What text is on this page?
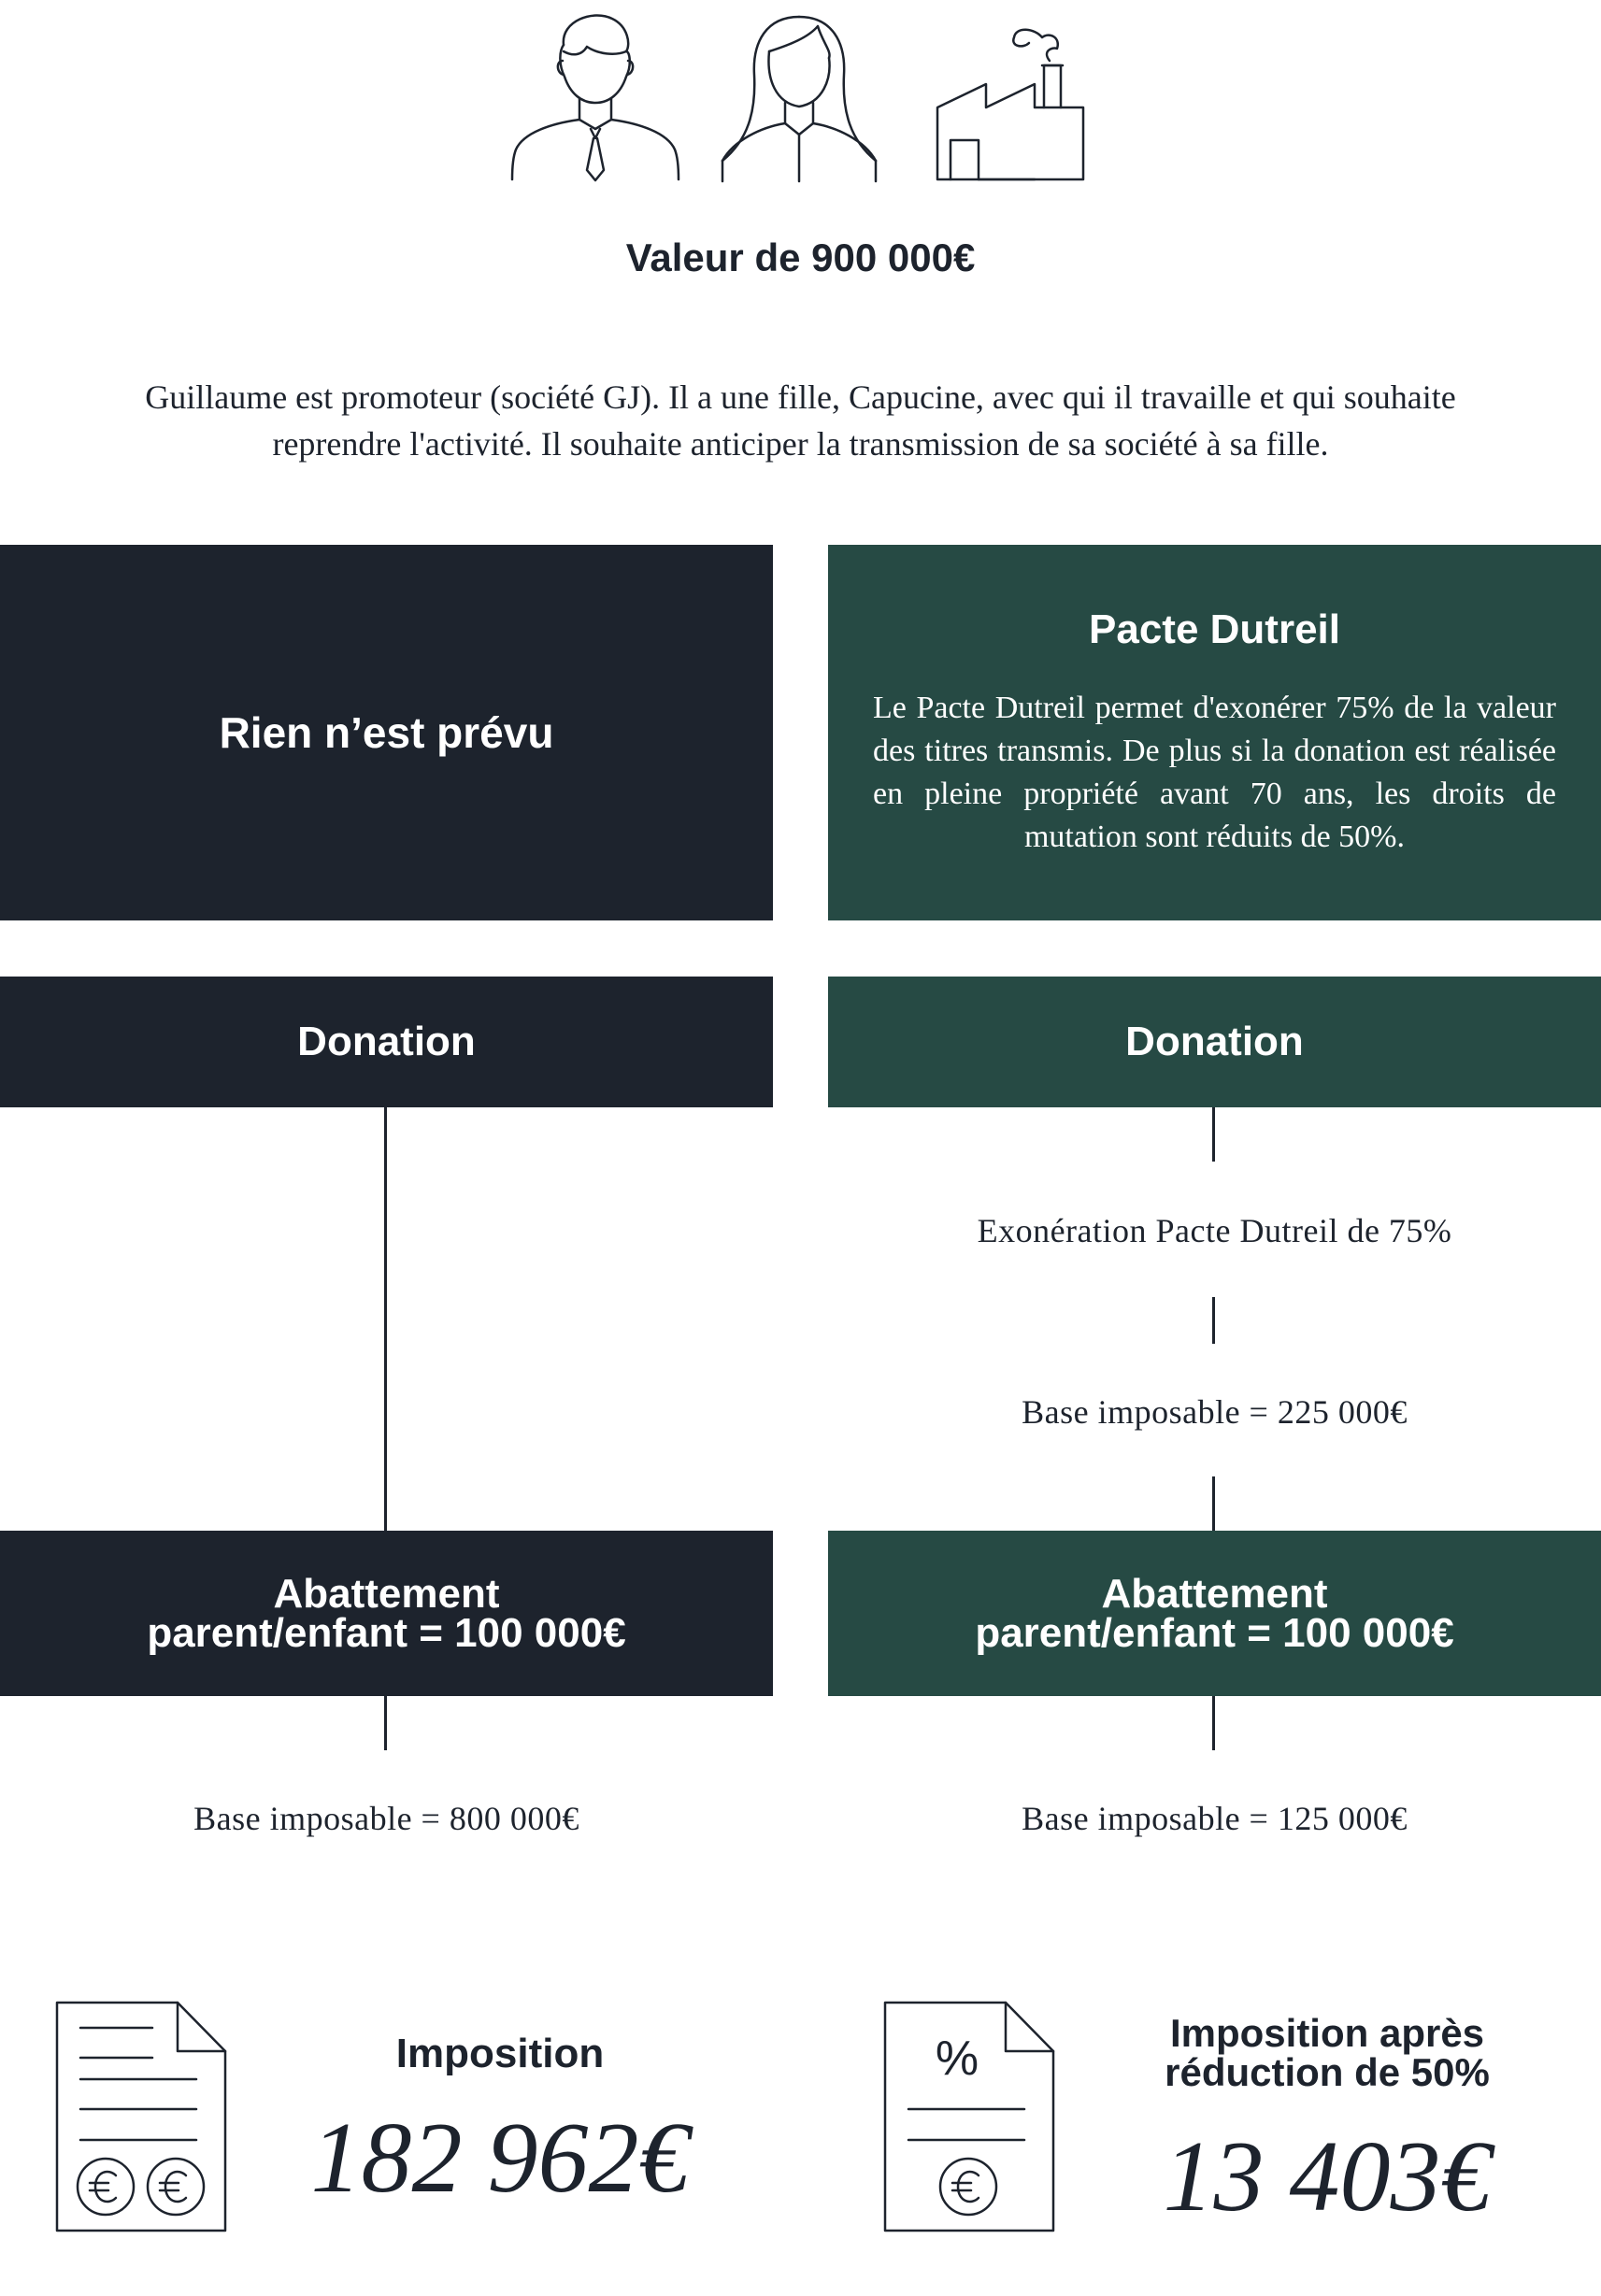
Valeur de 900 000€
Guillaume est promoteur (société GJ). Il a une fille, Capucine, avec qui il travaille et qui souhaite reprendre l'activité. Il souhaite anticiper la transmission de sa société à sa fille.
Rien n’est prévu
Donation
Abattement
parent/enfant = 100 000€
Base imposable = 800 000€
Imposition
182 962€
Pacte Dutreil
Le Pacte Dutreil permet d'exonérer 75% de la valeur des titres transmis. De plus si la donation est réalisée en pleine propriété avant 70 ans, les droits de mutation sont réduits de 50%.
Donation
Exonération Pacte Dutreil de 75%
Base imposable = 225 000€
Abattement
parent/enfant = 100 000€
Base imposable = 125 000€
%	Imposition après
réduction de 50%
13 403€
